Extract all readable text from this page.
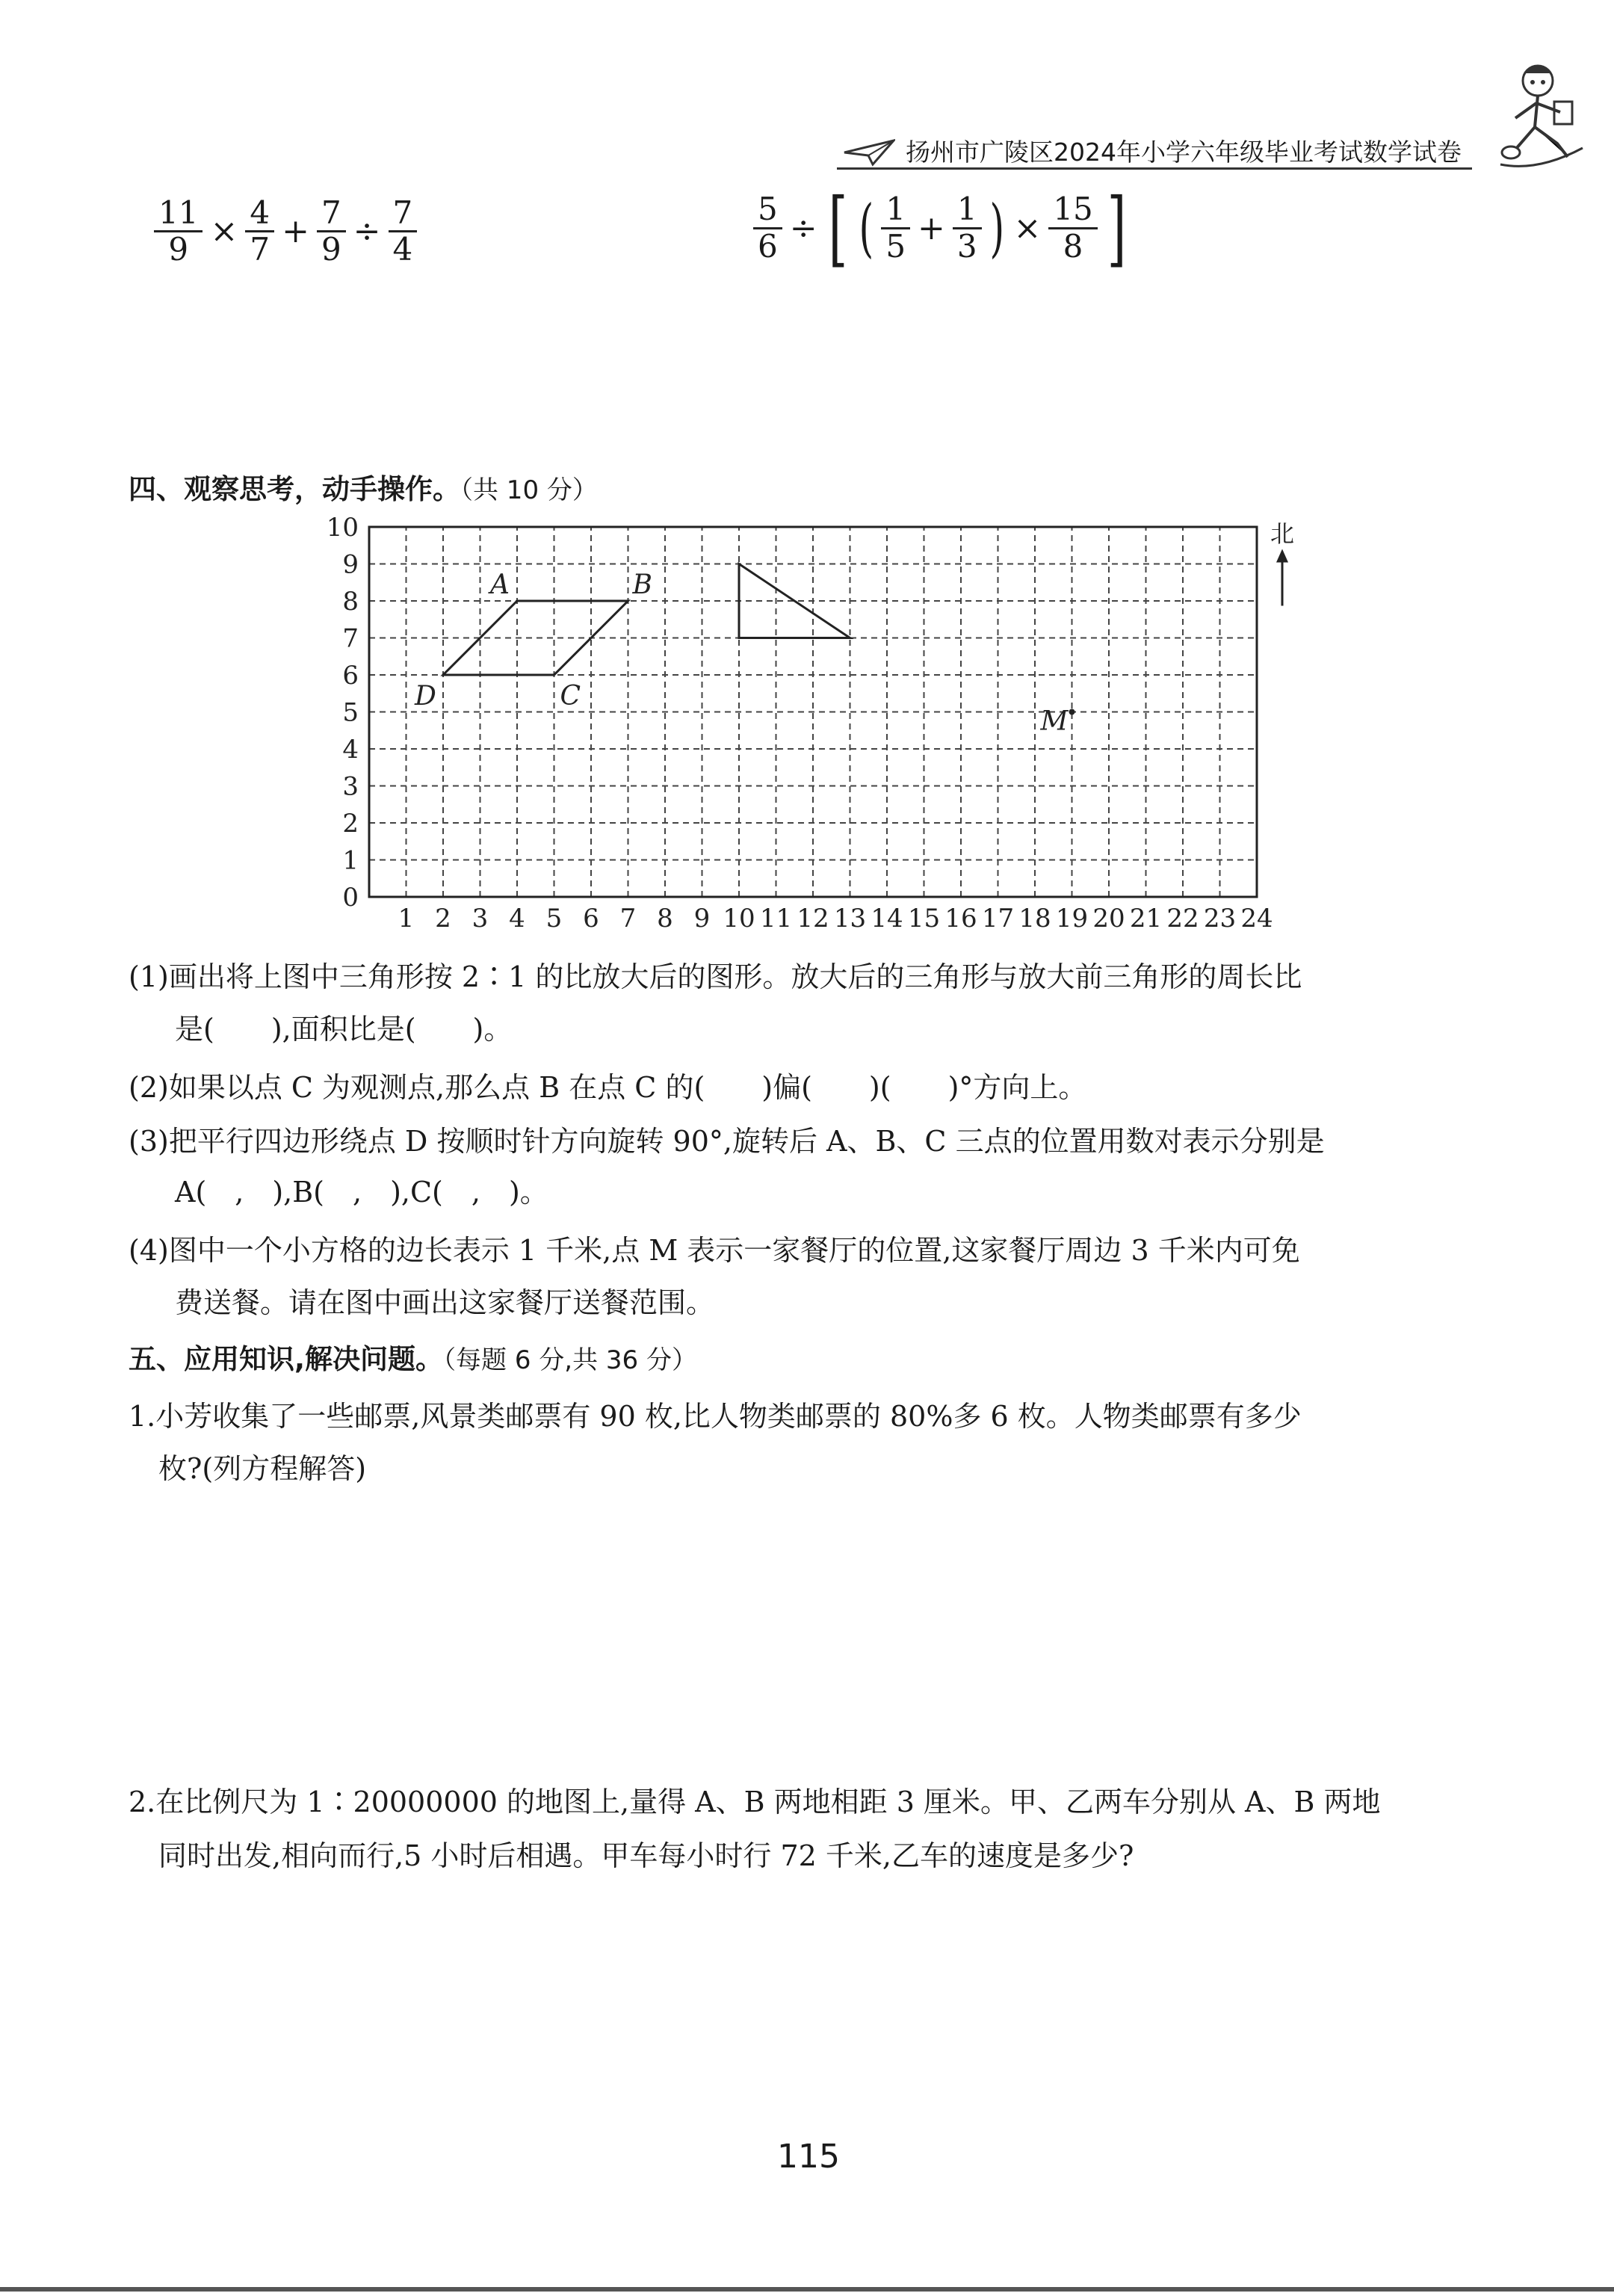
扬州市广陵区2024年小学六年级毕业考试数学试卷
$\frac{11}{9} \times \frac{4}{7} + \frac{7}{9} \div \frac{7}{4}$	$\frac{5}{6}$ ÷ [ ( $\frac{1}{5} + \frac{1}{3}$ ) × $\frac{15}{8}$ ]
四、观察思考，动手操作。（共 10 分）
1 2 3 4 5 6 7 8 9 10 11 12 13 14 15 16 17 18 19 20 21 22 23 24
0
1
2
3
4
5
6
7
8
9
10
A	B
C
D
M
北
(1)画出将上图中三角形按 2∶1 的比放大后的图形。放大后的三角形与放大前三角形的周长比
是(　　),面积比是(　　)。
(2)如果以点 C 为观测点,那么点 B 在点 C 的(　　)偏(　　)(　　)°方向上。
(3)把平行四边形绕点 D 按顺时针方向旋转 90°,旋转后 A、B、C 三点的位置用数对表示分别是
A(　,　),B(　,　),C(　,　)。
(4)图中一个小方格的边长表示 1 千米,点 M 表示一家餐厅的位置,这家餐厅周边 3 千米内可免
费送餐。请在图中画出这家餐厅送餐范围。
五、应用知识,解决问题。（每题 6 分,共 36 分）
1.小芳收集了一些邮票,风景类邮票有 90 枚,比人物类邮票的 80%多 6 枚。人物类邮票有多少
枚?(列方程解答)
2.在比例尺为 1∶20000000 的地图上,量得 A、B 两地相距 3 厘米。甲、乙两车分别从 A、B 两地
同时出发,相向而行,5 小时后相遇。甲车每小时行 72 千米,乙车的速度是多少?
115
